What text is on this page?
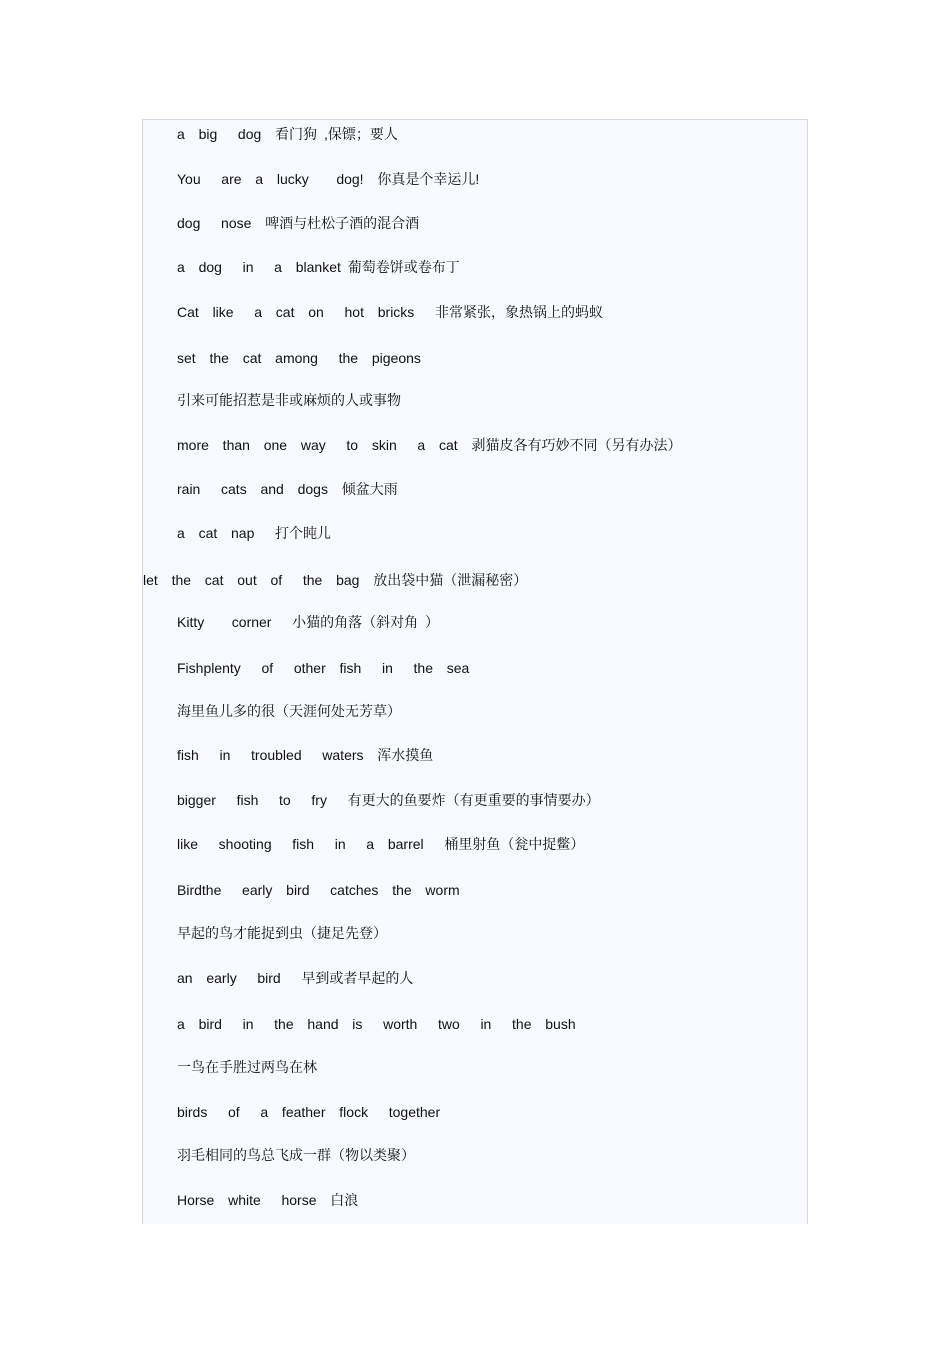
a  big   dog  看门狗 ,保镖；要人

You   are  a  lucky    dog!  你真是个幸运儿!

dog   nose  啤酒与杜松子酒的混合酒

a  dog   in   a  blanket 葡萄卷饼或卷布丁

Cat  like   a  cat  on   hot  bricks   非常紧张，象热锅上的蚂蚁

set  the  cat  among   the  pigeons

引来可能招惹是非或麻烦的人或事物

more  than  one  way   to  skin   a  cat  剥猫皮各有巧妙不同（另有办法）

rain   cats  and  dogs  倾盆大雨

a  cat  nap   打个盹儿

let  the  cat  out  of   the  bag  放出袋中猫（泄漏秘密）

Kitty    corner   小猫的角落（斜对角 ）

Fishplenty   of   other  fish   in   the  sea

海里鱼儿多的很（天涯何处无芳草）

fish   in   troubled   waters  浑水摸鱼

bigger   fish   to   fry   有更大的鱼要炸（有更重要的事情要办）

like   shooting   fish   in   a  barrel   桶里射鱼（瓮中捉鳖）

Birdthe   early  bird   catches  the  worm

早起的鸟才能捉到虫（捷足先登）

an  early   bird   早到或者早起的人

a  bird   in   the  hand  is   worth   two   in   the  bush

一鸟在手胜过两鸟在林

birds   of   a  feather  flock   together

羽毛相同的鸟总飞成一群（物以类聚）

Horse  white   horse  白浪
